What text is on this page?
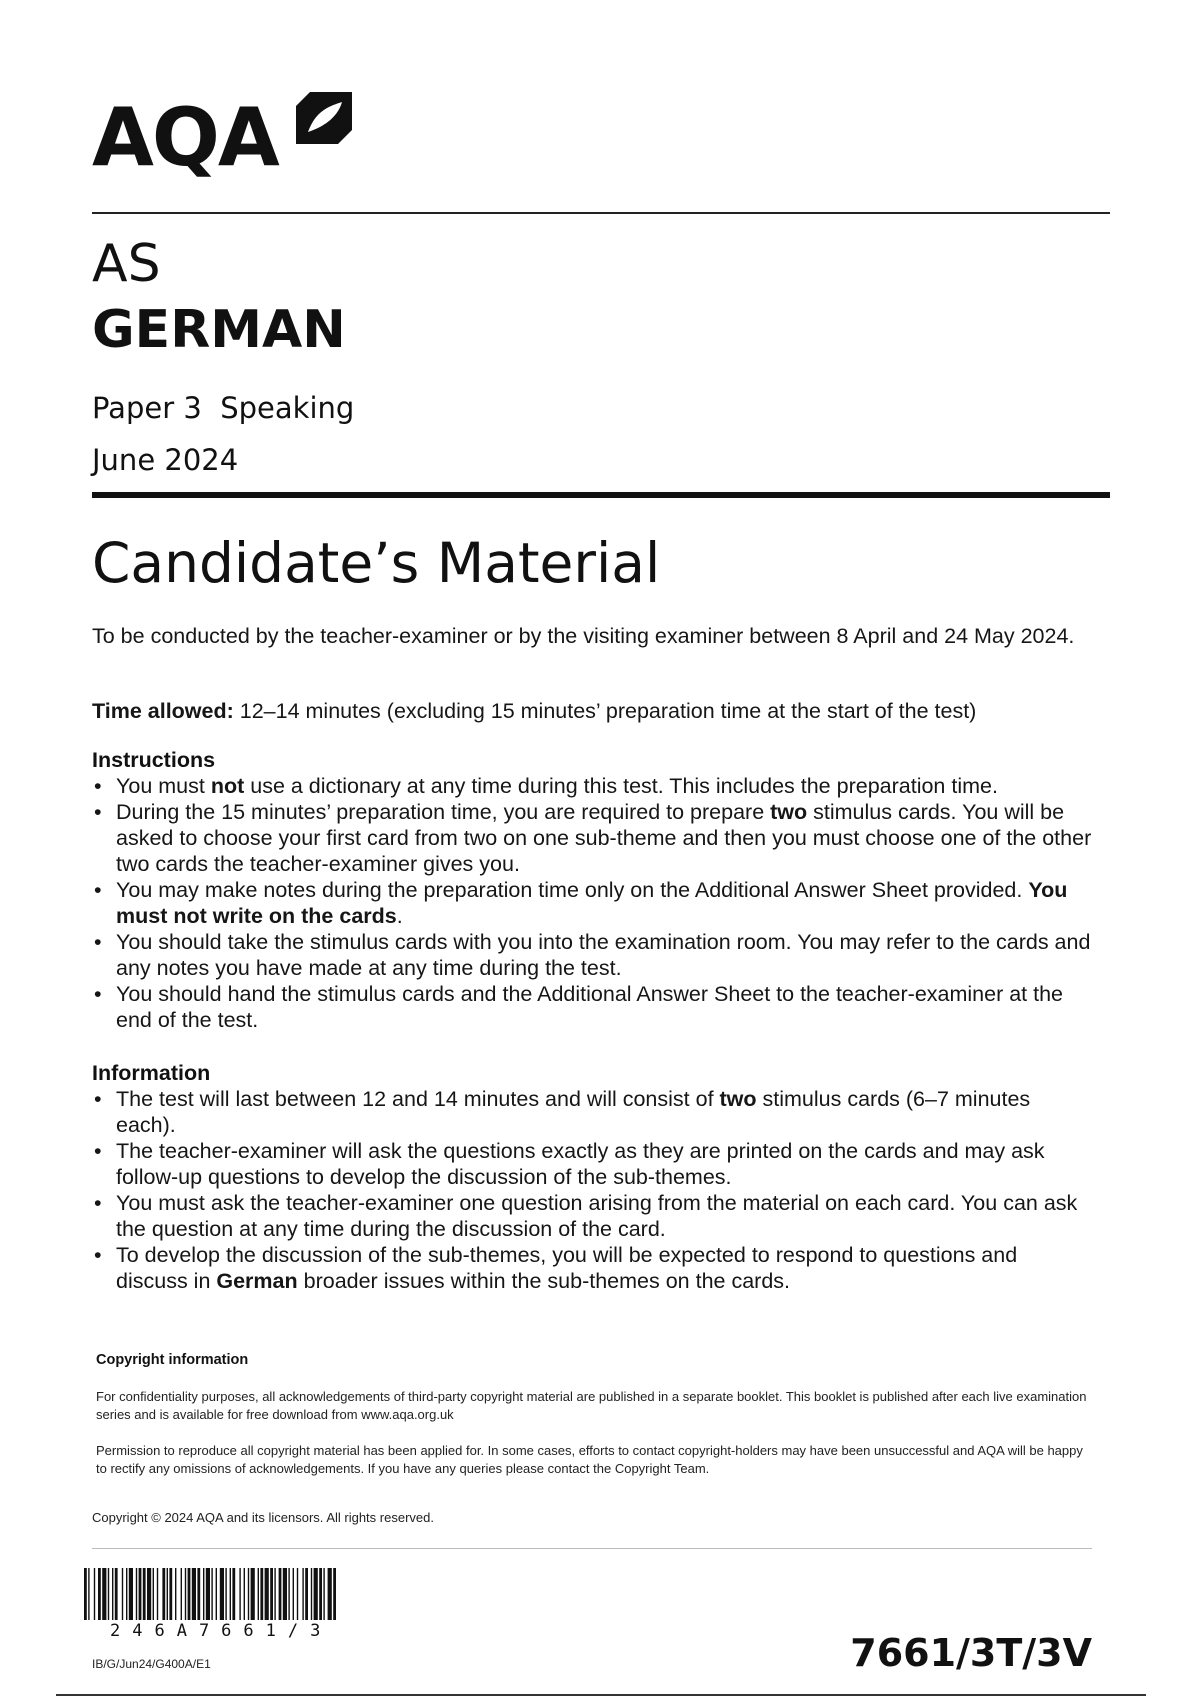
AQA
AS
GERMAN
Paper 3  Speaking
June 2024
Candidate’s Material
To be conducted by the teacher-examiner or by the visiting examiner between 8 April and 24 May 2024.
Time allowed: 12–14 minutes (excluding 15 minutes’ preparation time at the start of the test)
Instructions
• You must not use a dictionary at any time during this test. This includes the preparation time.
• During the 15 minutes’ preparation time, you are required to prepare two stimulus cards. You will be asked to choose your first card from two on one sub-theme and then you must choose one of the other two cards the teacher-examiner gives you.
• You may make notes during the preparation time only on the Additional Answer Sheet provided. You must not write on the cards.
• You should take the stimulus cards with you into the examination room. You may refer to the cards and any notes you have made at any time during the test.
• You should hand the stimulus cards and the Additional Answer Sheet to the teacher-examiner at the end of the test.
Information
• The test will last between 12 and 14 minutes and will consist of two stimulus cards (6–7 minutes each).
• The teacher-examiner will ask the questions exactly as they are printed on the cards and may ask follow-up questions to develop the discussion of the sub-themes.
• You must ask the teacher-examiner one question arising from the material on each card. You can ask the question at any time during the discussion of the card.
• To develop the discussion of the sub-themes, you will be expected to respond to questions and discuss in German broader issues within the sub-themes on the cards.
Copyright information
For confidentiality purposes, all acknowledgements of third-party copyright material are published in a separate booklet. This booklet is published after each live examination series and is available for free download from www.aqa.org.uk
Permission to reproduce all copyright material has been applied for. In some cases, efforts to contact copyright-holders may have been unsuccessful and AQA will be happy to rectify any omissions of acknowledgements. If you have any queries please contact the Copyright Team.
Copyright © 2024 AQA and its licensors. All rights reserved.
246A7661/3
IB/G/Jun24/G400A/E1	7661/3T/3V
